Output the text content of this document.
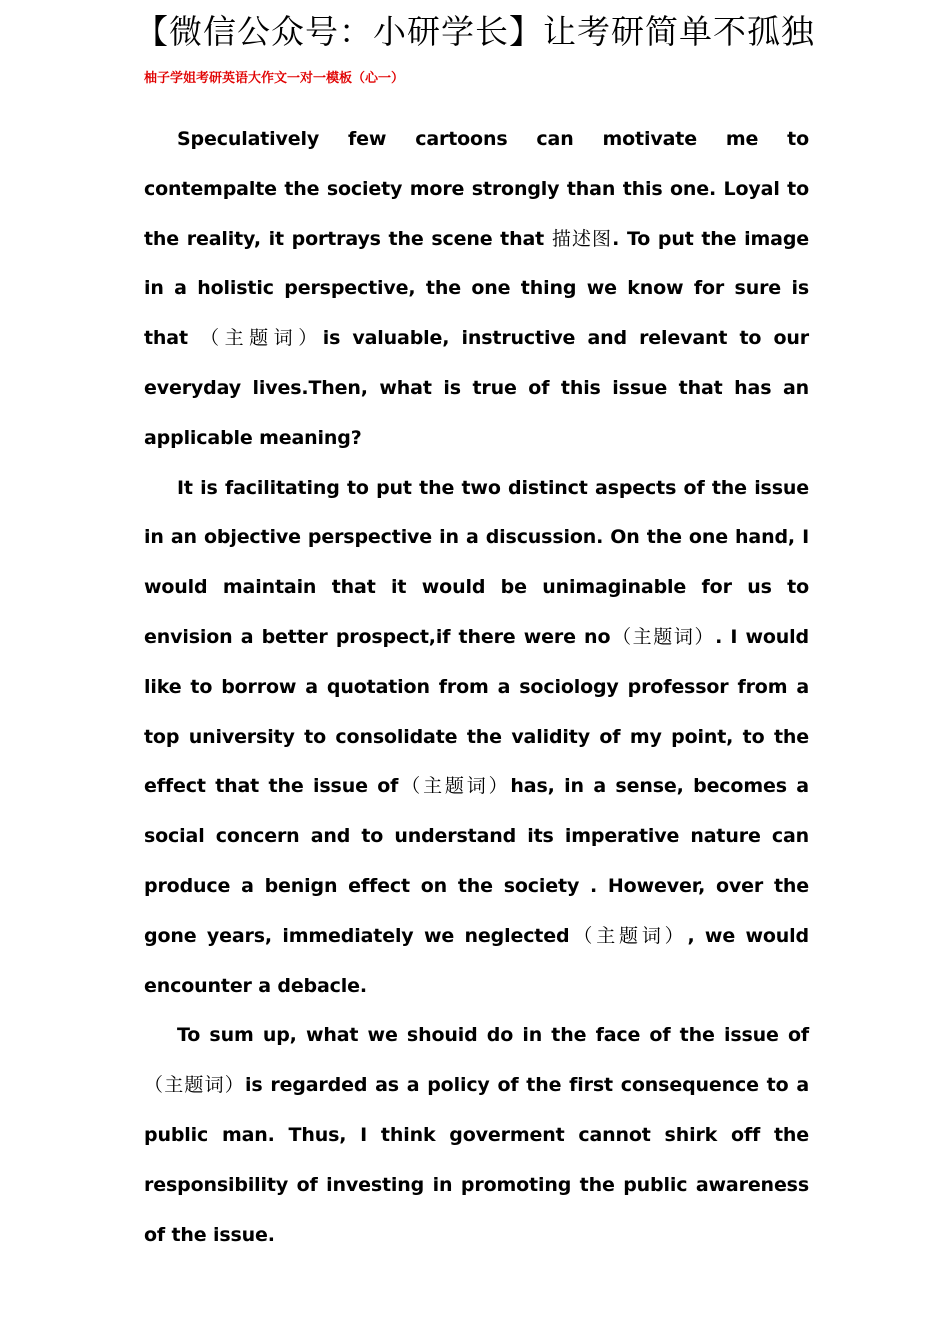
【微信公众号：小研学长】让考研简单不孤独
柚子学姐考研英语大作文一对一模板（心一）

Speculatively few cartoons can motivate me to contempalte the society more strongly than this one. Loyal to the reality, it portrays the scene that 描述图. To put the image in a holistic perspective, the one thing we know for sure is that （主题词）is valuable, instructive and relevant to our everyday lives.Then, what is true of this issue that has an applicable meaning?

It is facilitating to put the two distinct aspects of the issue in an objective perspective in a discussion. On the one hand, I would maintain that it would be unimaginable for us to envision a better prospect,if there were no（主题词）. I would like to borrow a quotation from a sociology professor from a top university to consolidate the validity of my point, to the effect that the issue of（主题词）has, in a sense, becomes a social concern and to understand its imperative nature can produce a benign effect on the society . However, over the gone years, immediately we neglected（主题词）, we would encounter a debacle.

To sum up, what we shouid do in the face of the issue of（主题词）is regarded as a policy of the first consequence to a public man. Thus, I think goverment cannot shirk off the responsibility of investing in promoting the public awareness of the issue.
